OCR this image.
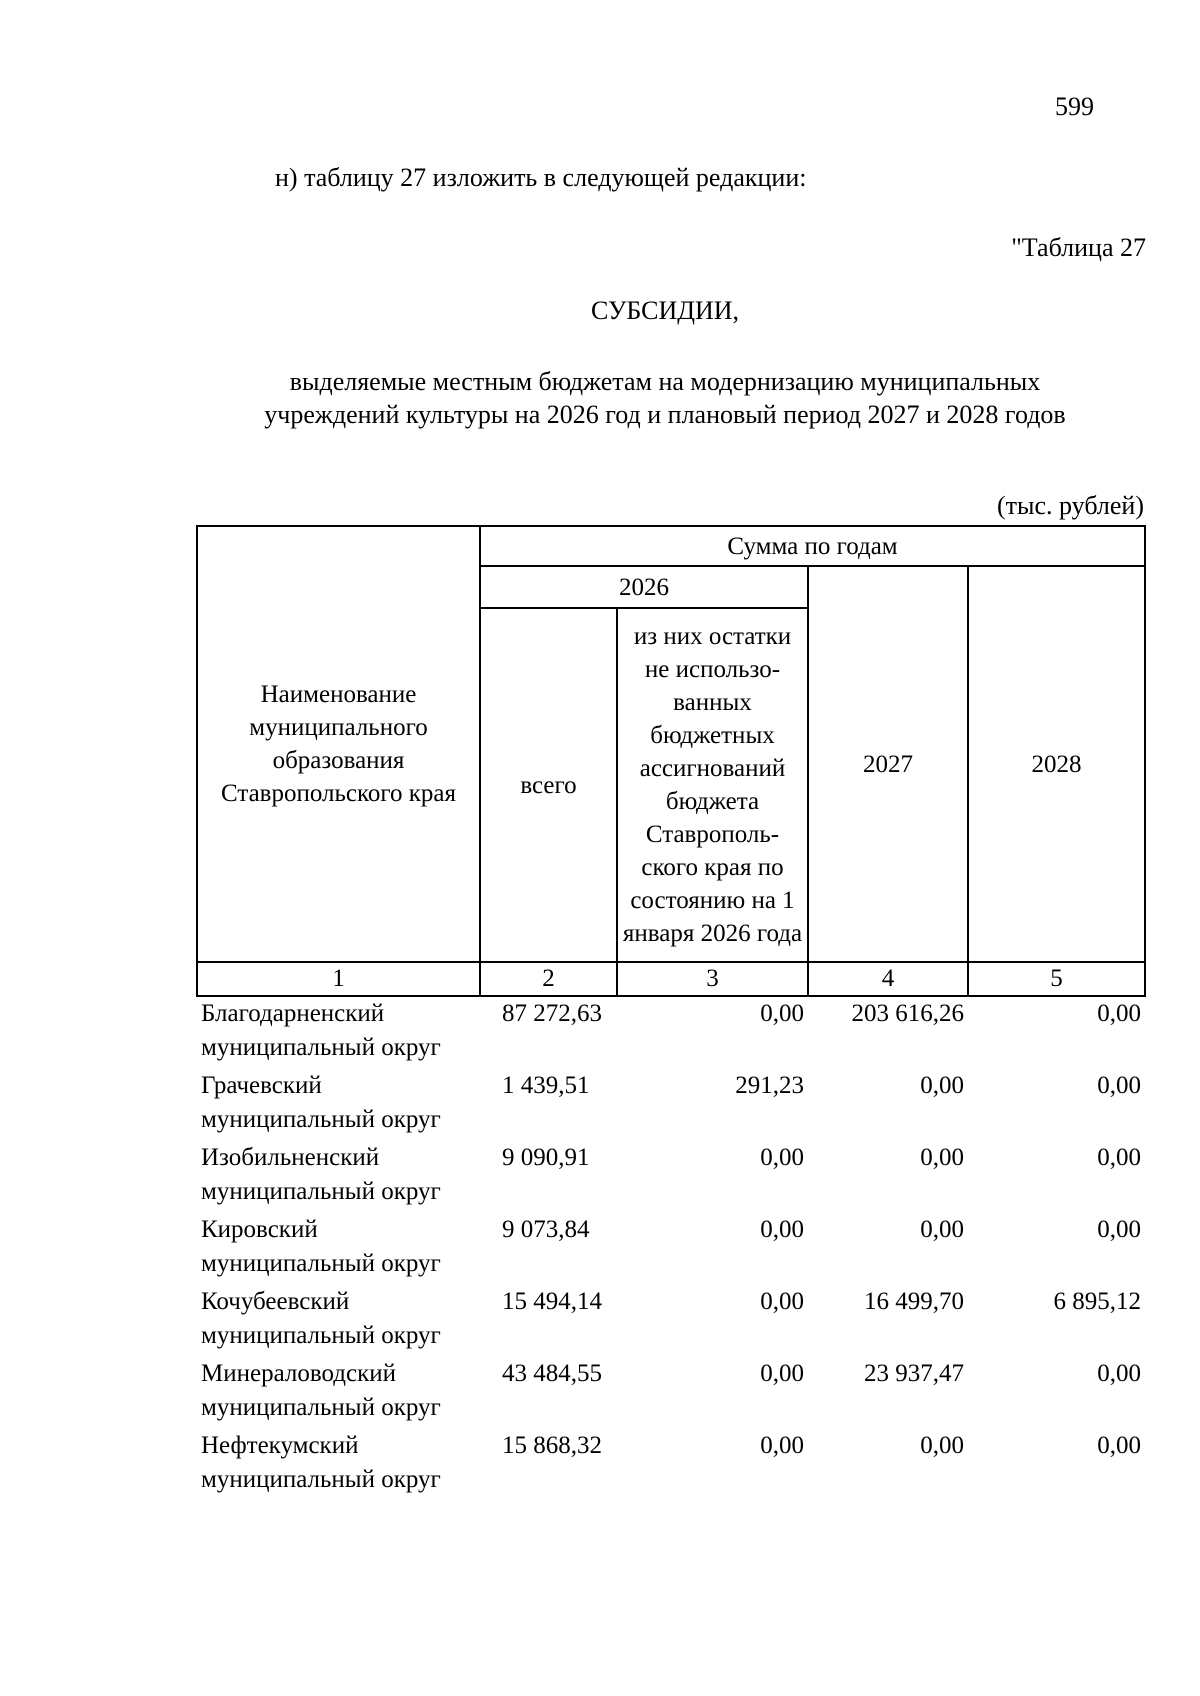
599
н) таблицу 27 изложить в следующей редакции:
"Таблица 27
СУБСИДИИ,
выделяемые местным бюджетам на модернизацию муниципальных
учреждений культуры на 2026 год и плановый период 2027 и 2028 годов
(тыс. рублей)
Наименование муниципального образования Ставропольского края	Сумма по годам			
	2026		2027	2028
	всего	из них остатки не использо-ванных бюджетных ассигнований бюджета Ставрополь-ского края по состоянию на 1 января 2026 года		
1	2	3	4	5

Благодарненский
муниципальный округ	87 272,63	0,00	203 616,26	0,00

Грачевский
муниципальный округ	1 439,51	291,23	0,00	0,00

Изобильненский
муниципальный округ	9 090,91	0,00	0,00	0,00

Кировский
муниципальный округ	9 073,84	0,00	0,00	0,00

Кочубеевский
муниципальный округ	15 494,14	0,00	16 499,70	6 895,12

Минераловодский
муниципальный округ	43 484,55	0,00	23 937,47	0,00

Нефтекумский
муниципальный округ	15 868,32	0,00	0,00	0,00
